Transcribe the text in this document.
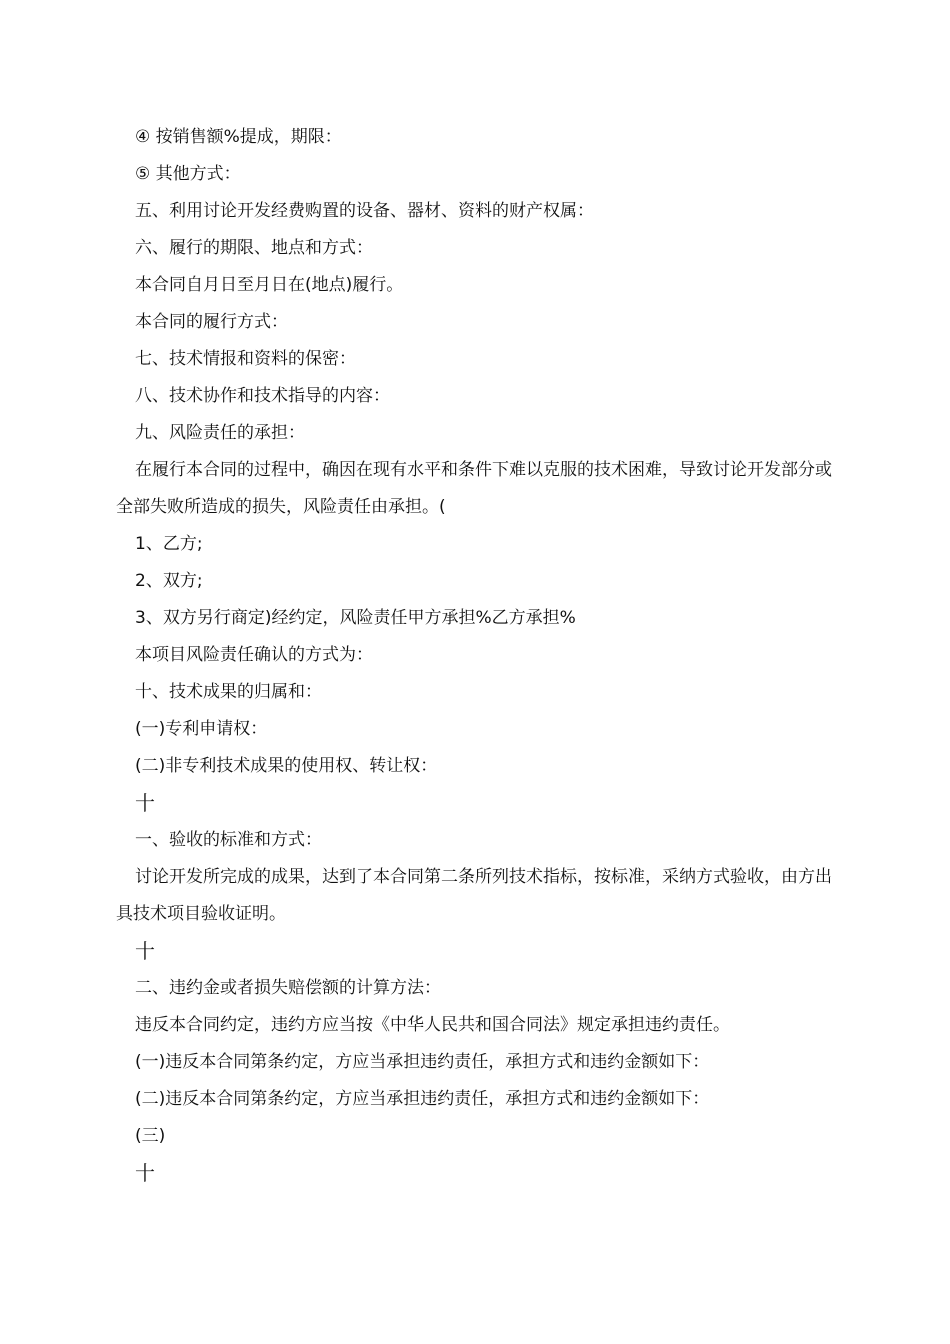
④ 按销售额%提成，期限：

⑤ 其他方式：

五、利用讨论开发经费购置的设备、器材、资料的财产权属：

六、履行的期限、地点和方式：

本合同自月日至月日在(地点)履行。

本合同的履行方式：

七、技术情报和资料的保密：

八、技术协作和技术指导的内容：

九、风险责任的承担：

在履行本合同的过程中，确因在现有水平和条件下难以克服的技术困难，导致讨论开发部分或全部失败所造成的损失，风险责任由承担。(

1、乙方;

2、双方;

3、双方另行商定)经约定，风险责任甲方承担%乙方承担%

本项目风险责任确认的方式为：

十、技术成果的归属和：

(一)专利申请权：

(二)非专利技术成果的使用权、转让权：

十

一、验收的标准和方式：

讨论开发所完成的成果，达到了本合同第二条所列技术指标，按标准，采纳方式验收，由方出具技术项目验收证明。

十

二、违约金或者损失赔偿额的计算方法：

违反本合同约定，违约方应当按《中华人民共和国合同法》规定承担违约责任。

(一)违反本合同第条约定，方应当承担违约责任，承担方式和违约金额如下：

(二)违反本合同第条约定，方应当承担违约责任，承担方式和违约金额如下：

(三)

十
